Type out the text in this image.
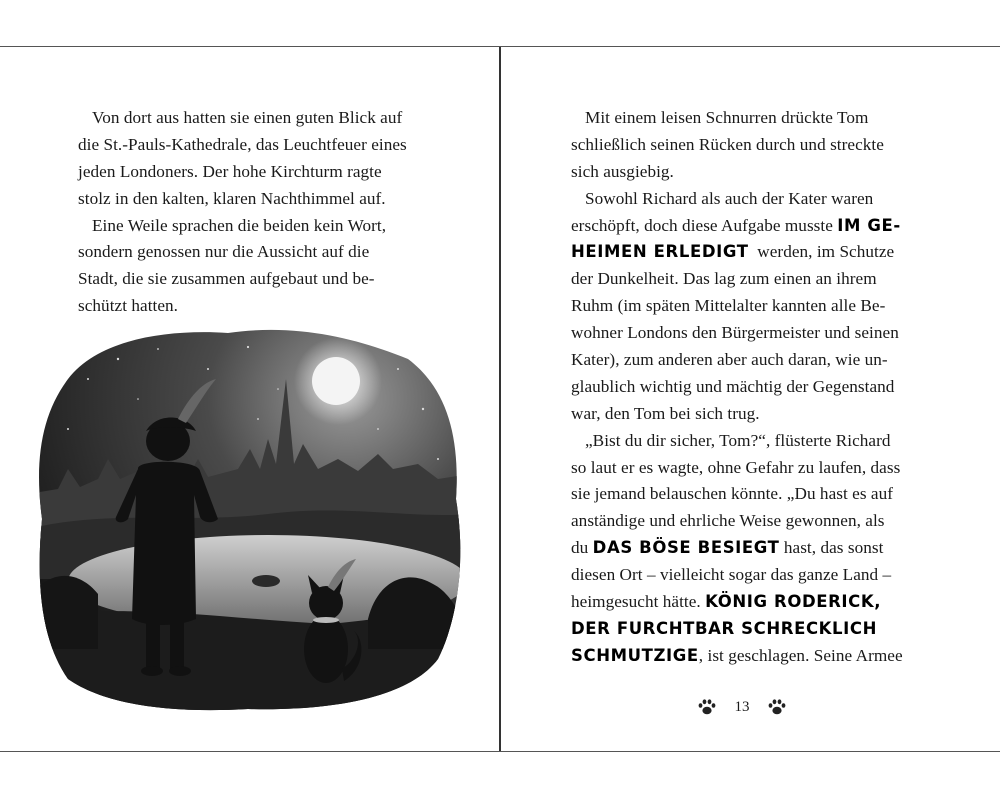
Von dort aus hatten sie einen guten Blick auf
die St.-Pauls-Kathedrale, das Leuchtfeuer eines
jeden Londoners. Der hohe Kirchturm ragte
stolz in den kalten, klaren Nachthimmel auf.
Eine Weile sprachen die beiden kein Wort,
sondern genossen nur die Aussicht auf die
Stadt, die sie zusammen aufgebaut und be-
schützt hatten.
Mit einem leisen Schnurren drückte Tom
schließlich seinen Rücken durch und streckte
sich ausgiebig.
Sowohl Richard als auch der Kater waren
erschöpft, doch diese Aufgabe musste IM GE-
HEIMEN ERLEDIGT werden, im Schutze
der Dunkelheit. Das lag zum einen an ihrem
Ruhm (im späten Mittelalter kannten alle Be-
wohner Londons den Bürgermeister und seinen
Kater), zum anderen aber auch daran, wie un-
glaublich wichtig und mächtig der Gegenstand
war, den Tom bei sich trug.
„Bist du dir sicher, Tom?“, flüsterte Richard
so laut er es wagte, ohne Gefahr zu laufen, dass
sie jemand belauschen könnte. „Du hast es auf
anständige und ehrliche Weise gewonnen, als
du DAS BÖSE BESIEGT hast, das sonst
diesen Ort – vielleicht sogar das ganze Land –
heimgesucht hätte. KÖNIG RODERICK,
DER FURCHTBAR SCHRECKLICH
SCHMUTZIGE, ist geschlagen. Seine Armee
13
